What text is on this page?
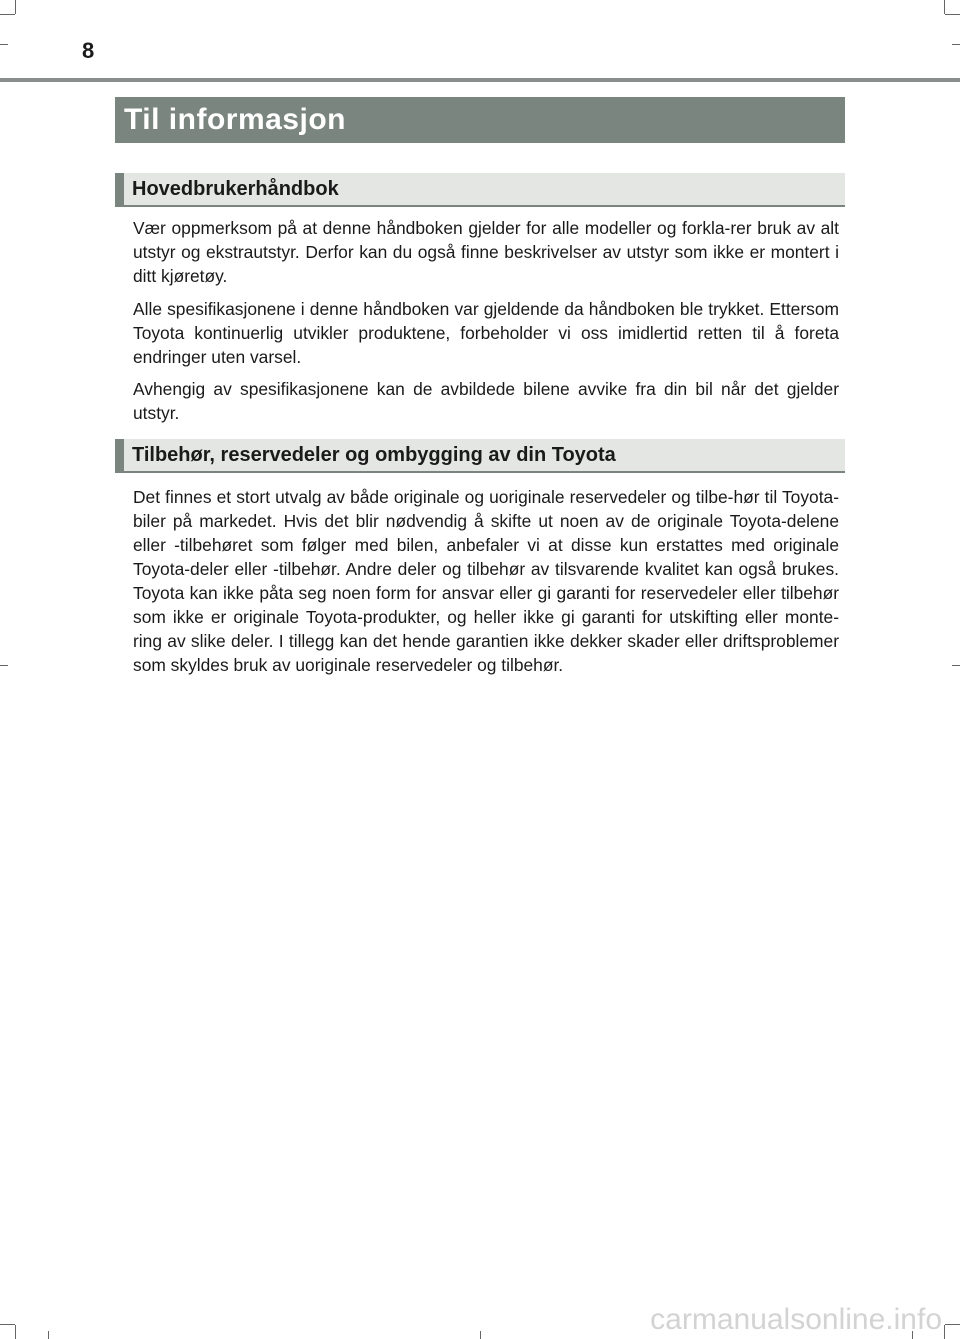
8
Til informasjon
Hovedbrukerhåndbok

Vær oppmerksom på at denne håndboken gjelder for alle modeller og forkla-rer bruk av alt utstyr og ekstrautstyr. Derfor kan du også finne beskrivelser av utstyr som ikke er montert i ditt kjøretøy.

Alle spesifikasjonene i denne håndboken var gjeldende da håndboken ble trykket. Ettersom Toyota kontinuerlig utvikler produktene, forbeholder vi oss imidlertid retten til å foreta endringer uten varsel.

Avhengig av spesifikasjonene kan de avbildede bilene avvike fra din bil når det gjelder utstyr.

Tilbehør, reservedeler og ombygging av din Toyota

Det finnes et stort utvalg av både originale og uoriginale reservedeler og tilbe-hør til Toyota-biler på markedet. Hvis det blir nødvendig å skifte ut noen av de originale Toyota-delene eller -tilbehøret som følger med bilen, anbefaler vi at disse kun erstattes med originale Toyota-deler eller -tilbehør. Andre deler og tilbehør av tilsvarende kvalitet kan også brukes. Toyota kan ikke påta seg noen form for ansvar eller gi garanti for reservedeler eller tilbehør som ikke er originale Toyota-produkter, og heller ikke gi garanti for utskifting eller monte-ring av slike deler. I tillegg kan det hende garantien ikke dekker skader eller driftsproblemer som skyldes bruk av uoriginale reservedeler og tilbehør.

carmanualsonline.info
